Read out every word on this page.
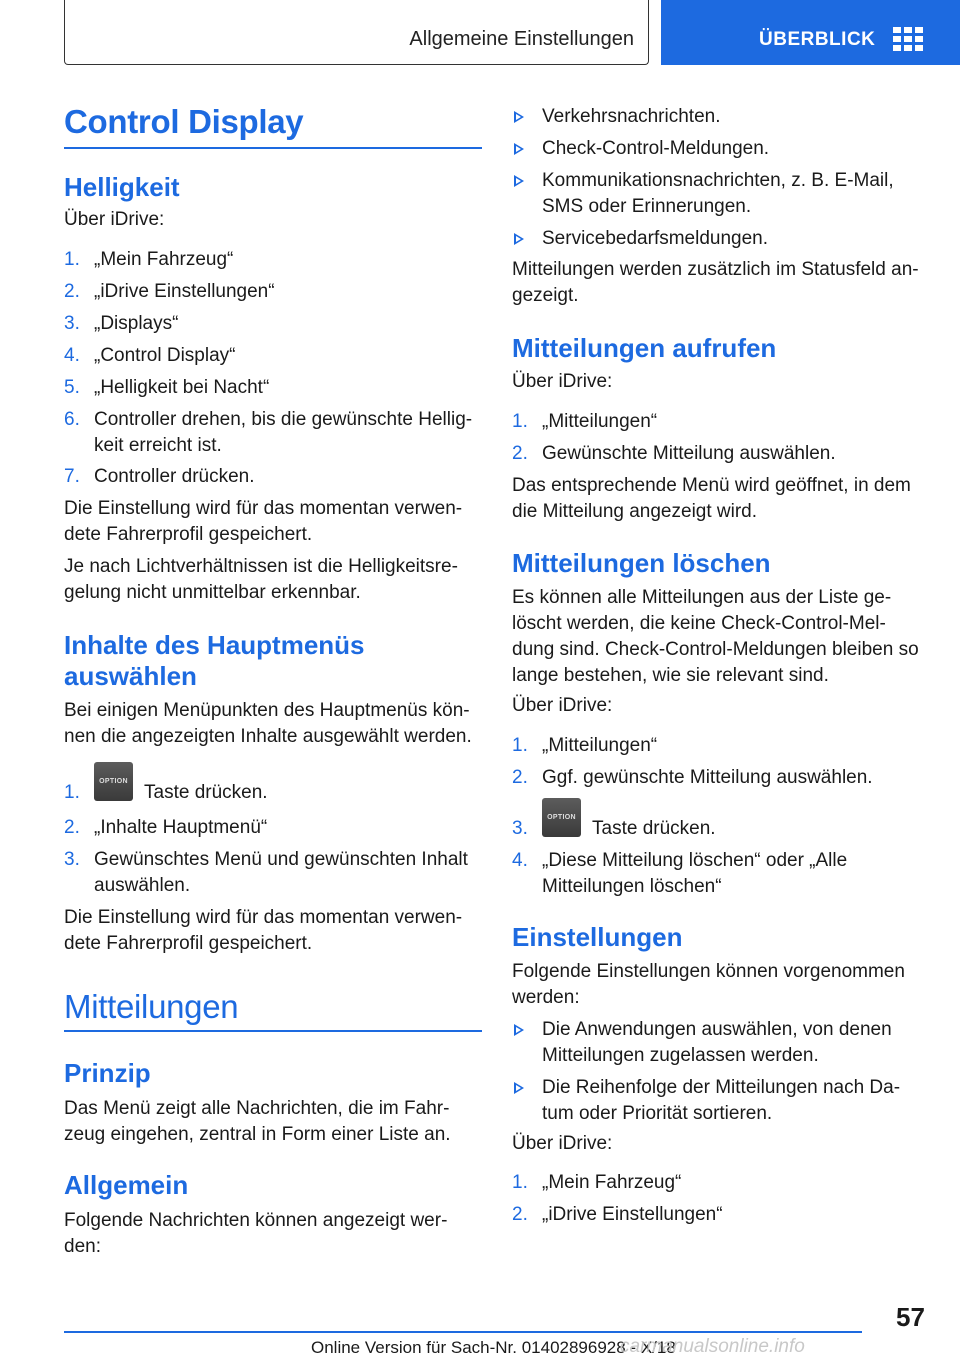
Allgemeine Einstellungen	ÜBERBLICK
Control Display
Helligkeit
Über iDrive:
1. „Mein Fahrzeug“
2. „iDrive Einstellungen“
3. „Displays“
4. „Control Display“
5. „Helligkeit bei Nacht“
6. Controller drehen, bis die gewünschte Hellig-
keit erreicht ist.
7. Controller drücken.
Die Einstellung wird für das momentan verwen-
dete Fahrerprofil gespeichert.
Je nach Lichtverhältnissen ist die Helligkeitsre-
gelung nicht unmittelbar erkennbar.
Inhalte des Hauptmenüs
auswählen
Bei einigen Menüpunkten des Hauptmenüs kön-
nen die angezeigten Inhalte ausgewählt werden.
1.
OPTION
Taste drücken.
2. „Inhalte Hauptmenü“
3. Gewünschtes Menü und gewünschten Inhalt
auswählen.
Die Einstellung wird für das momentan verwen-
dete Fahrerprofil gespeichert.
Mitteilungen
Prinzip
Das Menü zeigt alle Nachrichten, die im Fahr-
zeug eingehen, zentral in Form einer Liste an.
Allgemein
Folgende Nachrichten können angezeigt wer-
den:
Verkehrsnachrichten.
Check-Control-Meldungen.
Kommunikationsnachrichten, z. B. E-Mail,
SMS oder Erinnerungen.
Servicebedarfsmeldungen.
Mitteilungen werden zusätzlich im Statusfeld an-
gezeigt.
Mitteilungen aufrufen
Über iDrive:
1. „Mitteilungen“
2. Gewünschte Mitteilung auswählen.
Das entsprechende Menü wird geöffnet, in dem
die Mitteilung angezeigt wird.
Mitteilungen löschen
Es können alle Mitteilungen aus der Liste ge-
löscht werden, die keine Check-Control-Mel-
dung sind. Check-Control-Meldungen bleiben so
lange bestehen, wie sie relevant sind.
Über iDrive:
1. „Mitteilungen“
2. Ggf. gewünschte Mitteilung auswählen.
3.
OPTION
Taste drücken.
4. „Diese Mitteilung löschen“ oder „Alle
Mitteilungen löschen“
Einstellungen
Folgende Einstellungen können vorgenommen
werden:
Die Anwendungen auswählen, von denen
Mitteilungen zugelassen werden.
Die Reihenfolge der Mitteilungen nach Da-
tum oder Priorität sortieren.
Über iDrive:
1. „Mein Fahrzeug“
2. „iDrive Einstellungen“
57
Online Version für Sach-Nr. 01402896928 - X/18
carmanualsonline.info
